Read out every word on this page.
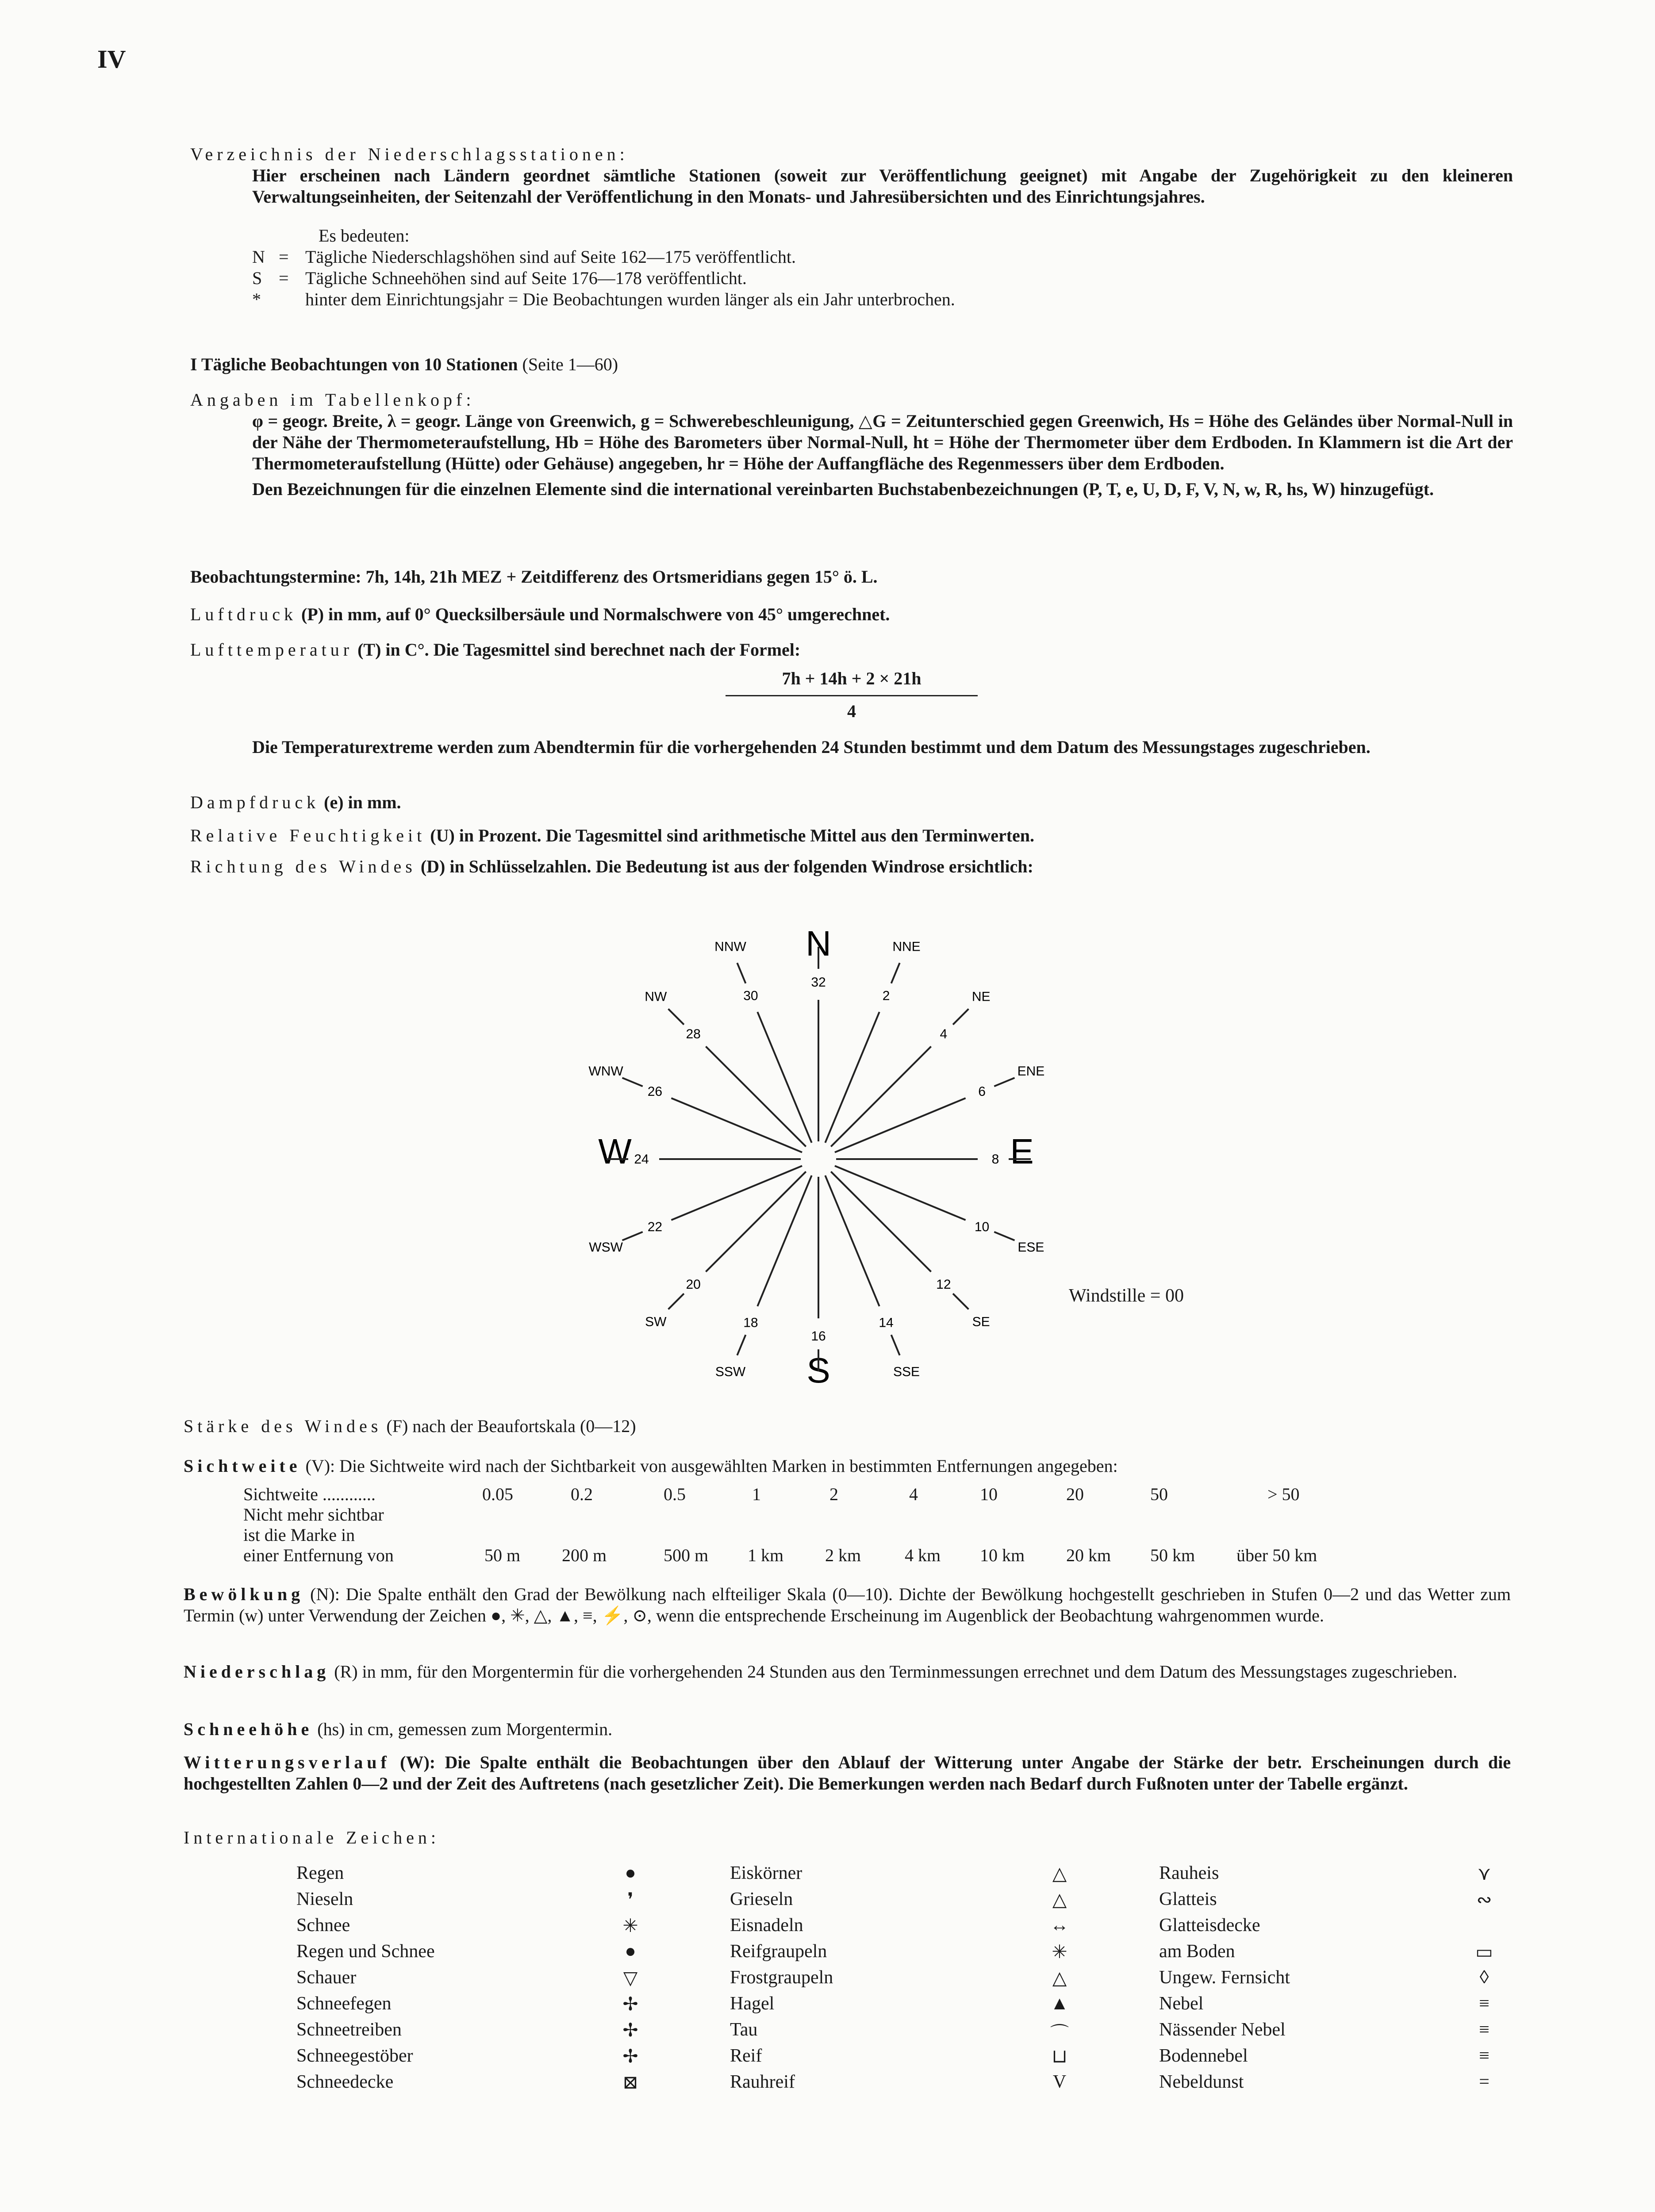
IV

Verzeichnis der Niederschlagsstationen:

Hier erscheinen nach Ländern geordnet sämtliche Stationen (soweit zur Veröffentlichung geeignet) mit Angabe der Zugehörigkeit zu den kleineren Verwaltungseinheiten, der Seitenzahl der Veröffentlichung in den Monats- und Jahresübersichten und des Einrichtungsjahres.

Es bedeuten:

N = Tägliche Niederschlagshöhen sind auf Seite 162—175 veröffentlicht.
S = Tägliche Schneehöhen sind auf Seite 176—178 veröffentlicht.
*	hinter dem Einrichtungsjahr = Die Beobachtungen wurden länger als ein Jahr unterbrochen.
I Tägliche Beobachtungen von 10 Stationen (Seite 1—60)

Angaben im Tabellenkopf:

φ = geogr. Breite, λ = geogr. Länge von Greenwich, g = Schwerebeschleunigung, △G = Zeitunterschied gegen Greenwich, Hs = Höhe des Geländes über Normal-Null in der Nähe der Thermometeraufstellung, Hb = Höhe des Barometers über Normal-Null, ht = Höhe der Thermometer über dem Erdboden. In Klammern ist die Art der Thermometeraufstellung (Hütte) oder Gehäuse) angegeben, hr = Höhe der Auffangfläche des Regenmessers über dem Erdboden.

Den Bezeichnungen für die einzelnen Elemente sind die international vereinbarten Buchstabenbezeichnungen (P, T, e, U, D, F, V, N, w, R, hs, W) hinzugefügt.

Beobachtungstermine: 7h, 14h, 21h MEZ + Zeitdifferenz des Ortsmeridians gegen 15° ö. L.
Luftdruck (P) in mm, auf 0° Quecksilbersäule und Normalschwere von 45° umgerechnet.
Lufttemperatur (T) in C°. Die Tagesmittel sind berechnet nach der Formel:
$\frac{7h + 14h + 2 \times 21h}{4}$
Die Temperaturextreme werden zum Abendtermin für die vorhergehenden 24 Stunden bestimmt und dem Datum des Messungstages zugeschrieben.
Dampfdruck (e) in mm.
Relative Feuchtigkeit (U) in Prozent. Die Tagesmittel sind arithmetische Mittel aus den Terminwerten.
Richtung des Windes (D) in Schlüsselzahlen. Die Bedeutung ist aus der folgenden Windrose ersichtlich:
N
S
W	E
32
2
NNE
4
NE
6
ENE
8
10
ESE
12
SE
14
SSE
16
18
SSW
20
SW
22
WSW
24
26
WNW
28
NW	30
NNW
Windstille = 00
Stärke des Windes (F) nach der Beaufortskala (0—12)
Sichtweite (V): Die Sichtweite wird nach der Sichtbarkeit von ausgewählten Marken in bestimmten Entfernungen angegeben:
Sichtweite ............	0.05	0.2	0.5	1	2	4	10	20	50	> 50
Nicht mehr sichtbar
ist die Marke in
einer Entfernung von	50 m 200 m	500 m 1 km 2 km 4 km 10 km 20 km 50 km über 50 km
Bewölkung (N): Die Spalte enthält den Grad der Bewölkung nach elfteiliger Skala (0—10). Dichte der Bewölkung hochgestellt geschrieben in Stufen 0—2 und das Wetter zum Termin (w) unter Verwendung der Zeichen ●, ✳, △, ▲, ≡, ⚡, ⊙, wenn die entsprechende Erscheinung im Augenblick der Beobachtung wahrgenommen wurde.
Niederschlag (R) in mm, für den Morgentermin für die vorhergehenden 24 Stunden aus den Terminmessungen errechnet und dem Datum des Messungstages zugeschrieben.
Schneehöhe (hs) in cm, gemessen zum Morgentermin.
Witterungsverlauf (W): Die Spalte enthält die Beobachtungen über den Ablauf der Witterung unter Angabe der Stärke der betr. Erscheinungen durch die hochgestellten Zahlen 0—2 und der Zeit des Auftretens (nach gesetzlicher Zeit). Die Bemerkungen werden nach Bedarf durch Fußnoten unter der Tabelle ergänzt.
Internationale Zeichen:
Regen	●	Eiskörner	△	Rauheis	⋎
Nieseln	❜	Grieseln	△	Glatteis	∾
Schnee	✳	Eisnadeln	↔	Glatteisdecke
Regen und Schnee	●	Reifgraupeln	✳	am Boden	▭
Schauer	▽	Frostgraupeln	△	Ungew. Fernsicht	◊
Schneefegen	✢	Hagel	▲	Nebel	≡
Schneetreiben	✢	Tau	⌒	Nässender Nebel	≡
Schneegestöber	✢	Reif	⊔	Bodennebel	≡
Schneedecke	⊠	Rauhreif	V	Nebeldunst	=
